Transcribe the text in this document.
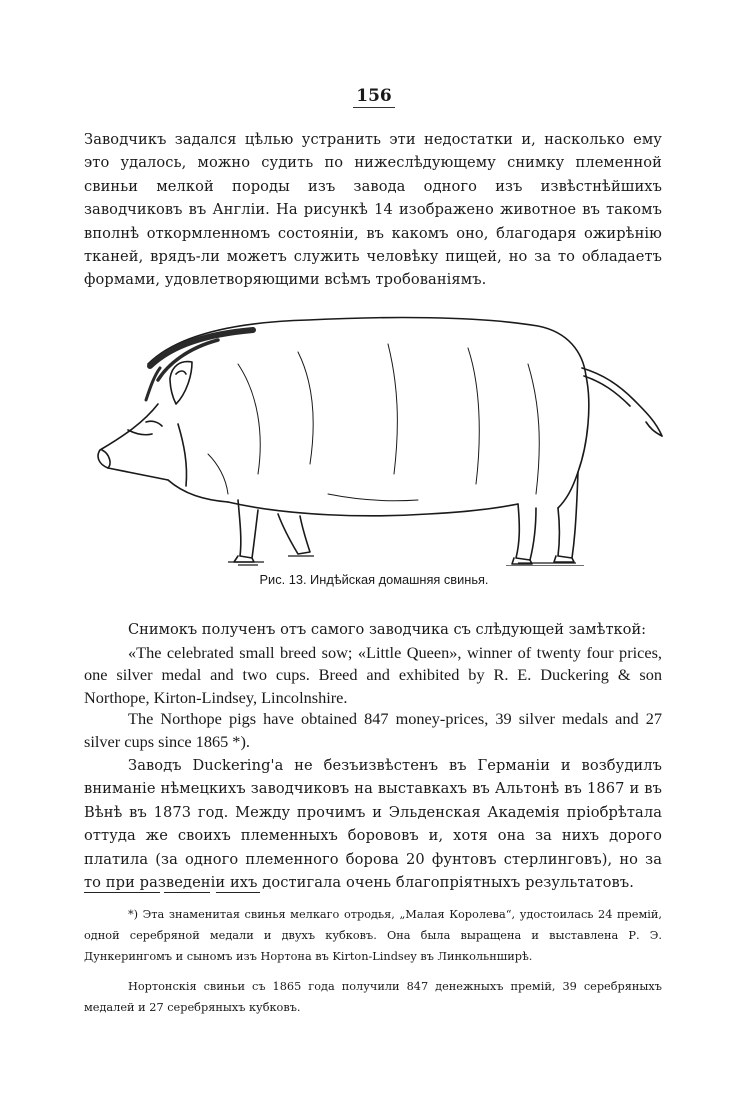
156

Заводчикъ задался цѣлью устранить эти недостатки и, насколько ему это удалось, можно судить по нижеслѣдующему снимку племенной свиньи мелкой породы изъ завода одного изъ извѣстнѣйшихъ заводчиковъ въ Англіи. На рисункѣ 14 изображено животное въ такомъ вполнѣ откормленномъ состояніи, въ какомъ оно, благодаря ожирѣнію тканей, врядъ-ли можетъ служить человѣку пищей, но за то обладаетъ формами, удовлетворяющими всѣмъ тробованіямъ.

Рис. 13. Индѣйская домашняя свинья.
Снимокъ полученъ отъ самого заводчика съ слѣдующей замѣткой:
«The celebrated small breed sow; «Little Queen», winner of twenty four prices, one silver medal and two cups. Breed and exhibited by R. E. Duckering & son Northope, Kirton-Lindsey, Lincolnshire.

The Northope pigs have obtained 847 money-prices, 39 silver medals and 27 silver cups since 1865 *).

Заводъ Duckering'а не безъизвѣстенъ въ Германіи и возбудилъ вниманіе нѣмецкихъ заводчиковъ на выставкахъ въ Альтонѣ въ 1867 и въ Вѣнѣ въ 1873 год. Между прочимъ и Эльденская Академія пріобрѣтала оттуда же своихъ племенныхъ борововъ и, хотя она за нихъ дорого платила (за одного племенного борова 20 фунтовъ стерлинговъ), но за то при разведеніи ихъ достигала очень благопріятныхъ результатовъ.

*) Эта знаменитая свинья мелкаго отродья, „Малая Королева“, удостоилась 24 премій, одной серебряной медали и двухъ кубковъ. Она была выращена и выставлена Р. Э. Дункерингомъ и сыномъ изъ Нортона въ Kirton-Lindsey въ Линкольнширѣ.

Нортонскія свиньи съ 1865 года получили 847 денежныхъ премій, 39 серебряныхъ медалей и 27 серебряныхъ кубковъ.
